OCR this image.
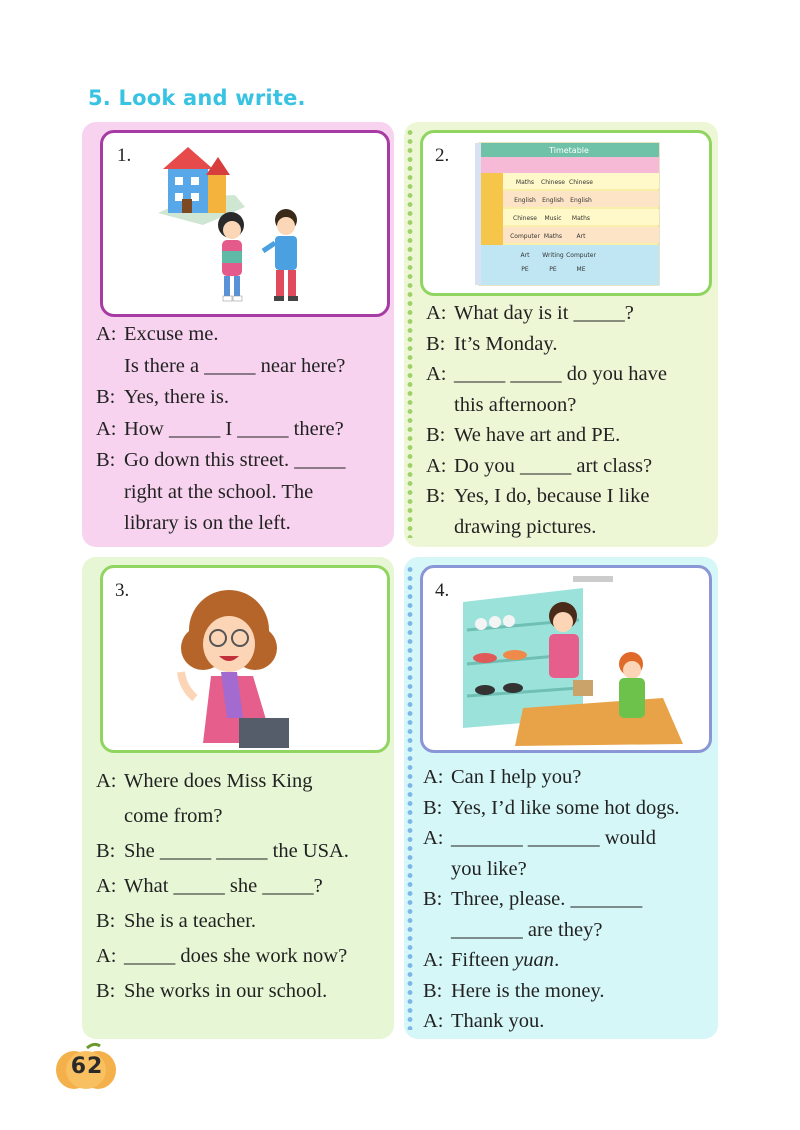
5. Look and write.
1.	2.	Timetable
Maths Chinese Chinese
English English English
Chinese Music Maths
Computer Maths Art
Art Writing Computer
PE	PE	ME
3.	4.
A: Excuse me.
Is there a _____ near here?
B: Yes, there is.
A: How _____ I _____ there?
B: Go down this street. _____
right at the school. The
library is on the left.
A: What day is it _____?
B: It’s Monday.
A: _____ _____ do you have
this afternoon?
B: We have art and PE.
A: Do you _____ art class?
B: Yes, I do, because I like
drawing pictures.
A: Where does Miss King
come from?
B: She _____ _____ the USA.
A: What _____ she _____?
B: She is a teacher.
A: _____ does she work now?
B: She works in our school.
A: Can I help you?
B: Yes, I’d like some hot dogs.
A: _______ _______ would
you like?
B: Three, please. _______
_______ are they?
A: Fifteen yuan.
B: Here is the money.
A: Thank you.
62
